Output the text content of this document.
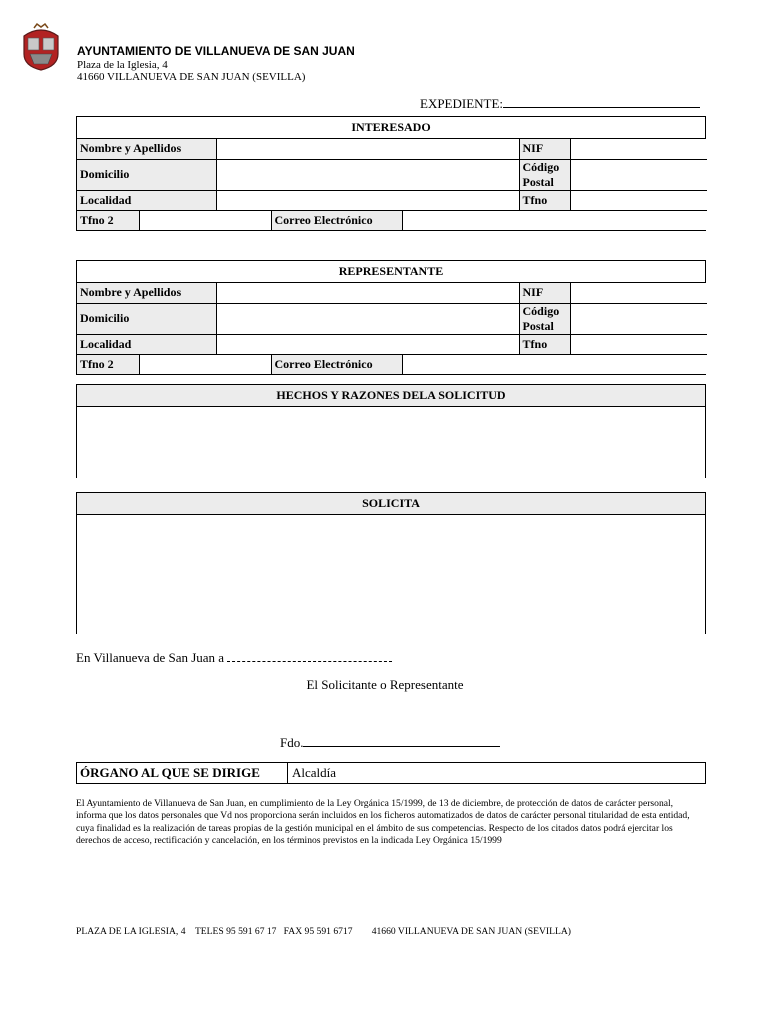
AYUNTAMIENTO DE VILLANUEVA DE SAN JUAN
Plaza de la Iglesia, 4
41660 VILLANUEVA DE SAN JUAN (SEVILLA)
EXPEDIENTE:
INTERESADO
Nombre y Apellidos					NIF	
Domicilio					Código Postal	
Localidad					Tfno	
Tfno 2			Correo Electrónico			
REPRESENTANTE
Nombre y Apellidos					NIF	
Domicilio					Código Postal	
Localidad					Tfno	
Tfno 2			Correo Electrónico			
HECHOS Y RAZONES DELA SOLICITUD
SOLICITA
En Villanueva de San Juan a
El Solicitante o Representante
Fdo.
ÓRGANO AL QUE SE DIRIGE	Alcaldía
El Ayuntamiento de Villanueva de San Juan, en cumplimiento de la Ley Orgánica 15/1999, de 13 de diciembre, de protección de datos de carácter personal, informa que los datos personales que Vd nos proporciona serán incluidos en los ficheros automatizados de datos de carácter personal titularidad de esta entidad, cuya finalidad es la realización de tareas propias de la gestión municipal en el ámbito de sus competencias. Respecto de los citados datos podrá ejercitar los derechos de acceso, rectificación y cancelación, en los términos previstos en la indicada Ley Orgánica 15/1999
PLAZA DE LA IGLESIA, 4    TELES 95 591 67 17   FAX 95 591 6717        41660 VILLANUEVA DE SAN JUAN (SEVILLA)
